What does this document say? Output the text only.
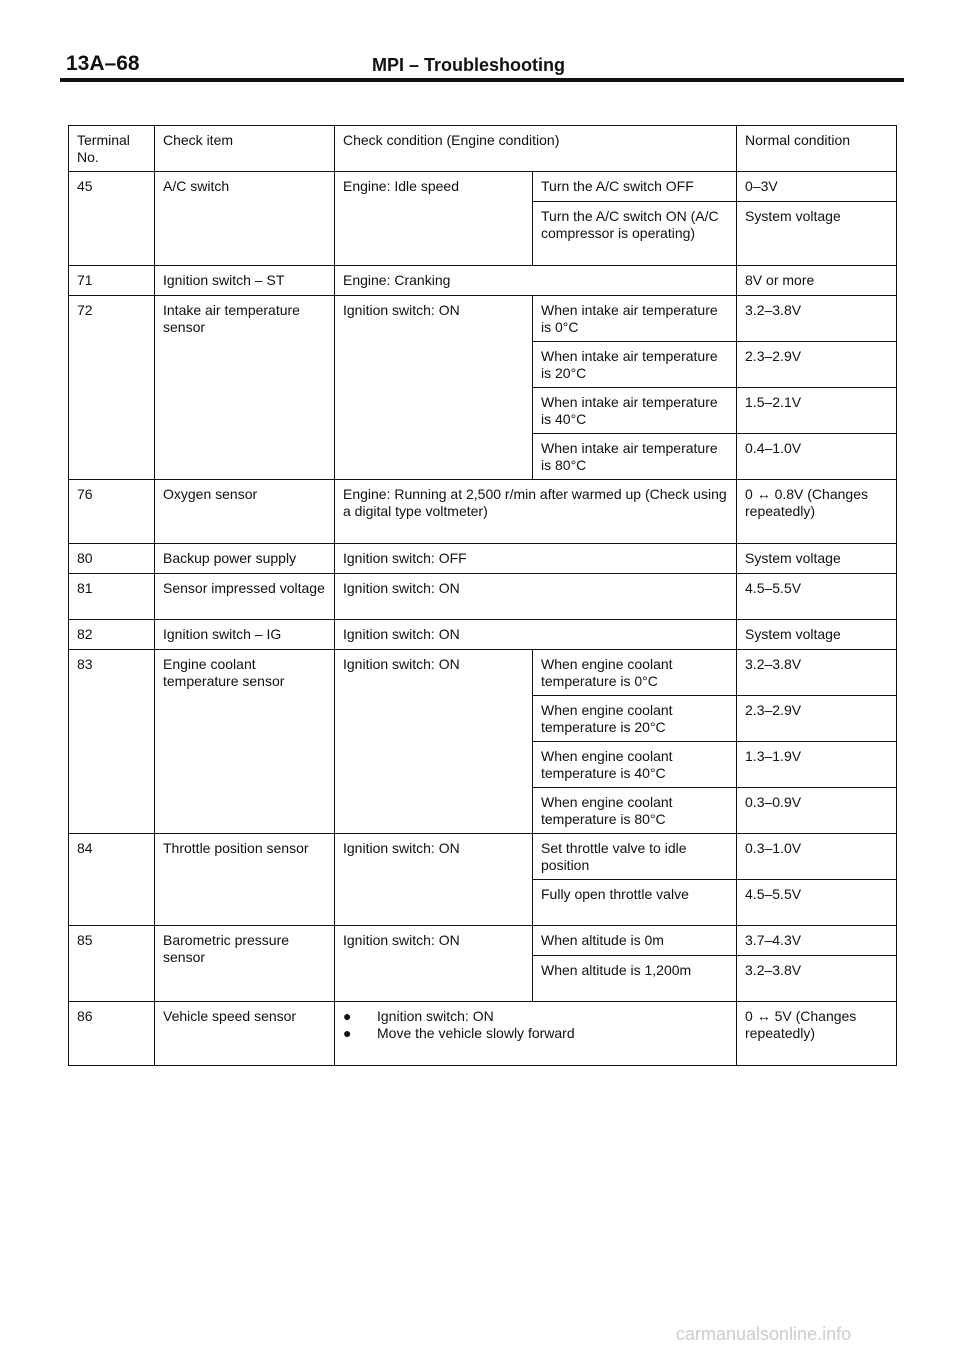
13A–68	MPI – Troubleshooting
Terminal No.	Check item	Check condition (Engine condition)		Normal condition

45	A/C switch	Engine: Idle speed	Turn the A/C switch OFF	0–3V

			Turn the A/C switch ON (A/C compressor is operating)	System voltage

71	Ignition switch – ST	Engine: Cranking		8V or more

72	Intake air temperature sensor	Ignition switch: ON	When intake air temperature is 0°C	3.2–3.8V

			When intake air temperature is 20°C	2.3–2.9V

			When intake air temperature is 40°C	1.5–2.1V

			When intake air temperature is 80°C	0.4–1.0V

76	Oxygen sensor	Engine: Running at 2,500 r/min after warmed up (Check using a digital type voltmeter)		0 ↔ 0.8V (Changes repeatedly)

80	Backup power supply	Ignition switch: OFF		System voltage

81	Sensor impressed voltage	Ignition switch: ON		4.5–5.5V

82	Ignition switch – IG	Ignition switch: ON		System voltage

83	Engine coolant temperature sensor	Ignition switch: ON	When engine coolant temperature is 0°C	3.2–3.8V

			When engine coolant temperature is 20°C	2.3–2.9V

			When engine coolant temperature is 40°C	1.3–1.9V

			When engine coolant temperature is 80°C	0.3–0.9V

84	Throttle position sensor	Ignition switch: ON	Set throttle valve to idle position	0.3–1.0V

			Fully open throttle valve	4.5–5.5V

85	Barometric pressure sensor	Ignition switch: ON	When altitude is 0m	3.7–4.3V

			When altitude is 1,200m	3.2–3.8V

86	Vehicle speed sensor	● Ignition switch: ON
● Move the vehicle slowly forward		0 ↔ 5V (Changes repeatedly)
carmanualsonline.info
